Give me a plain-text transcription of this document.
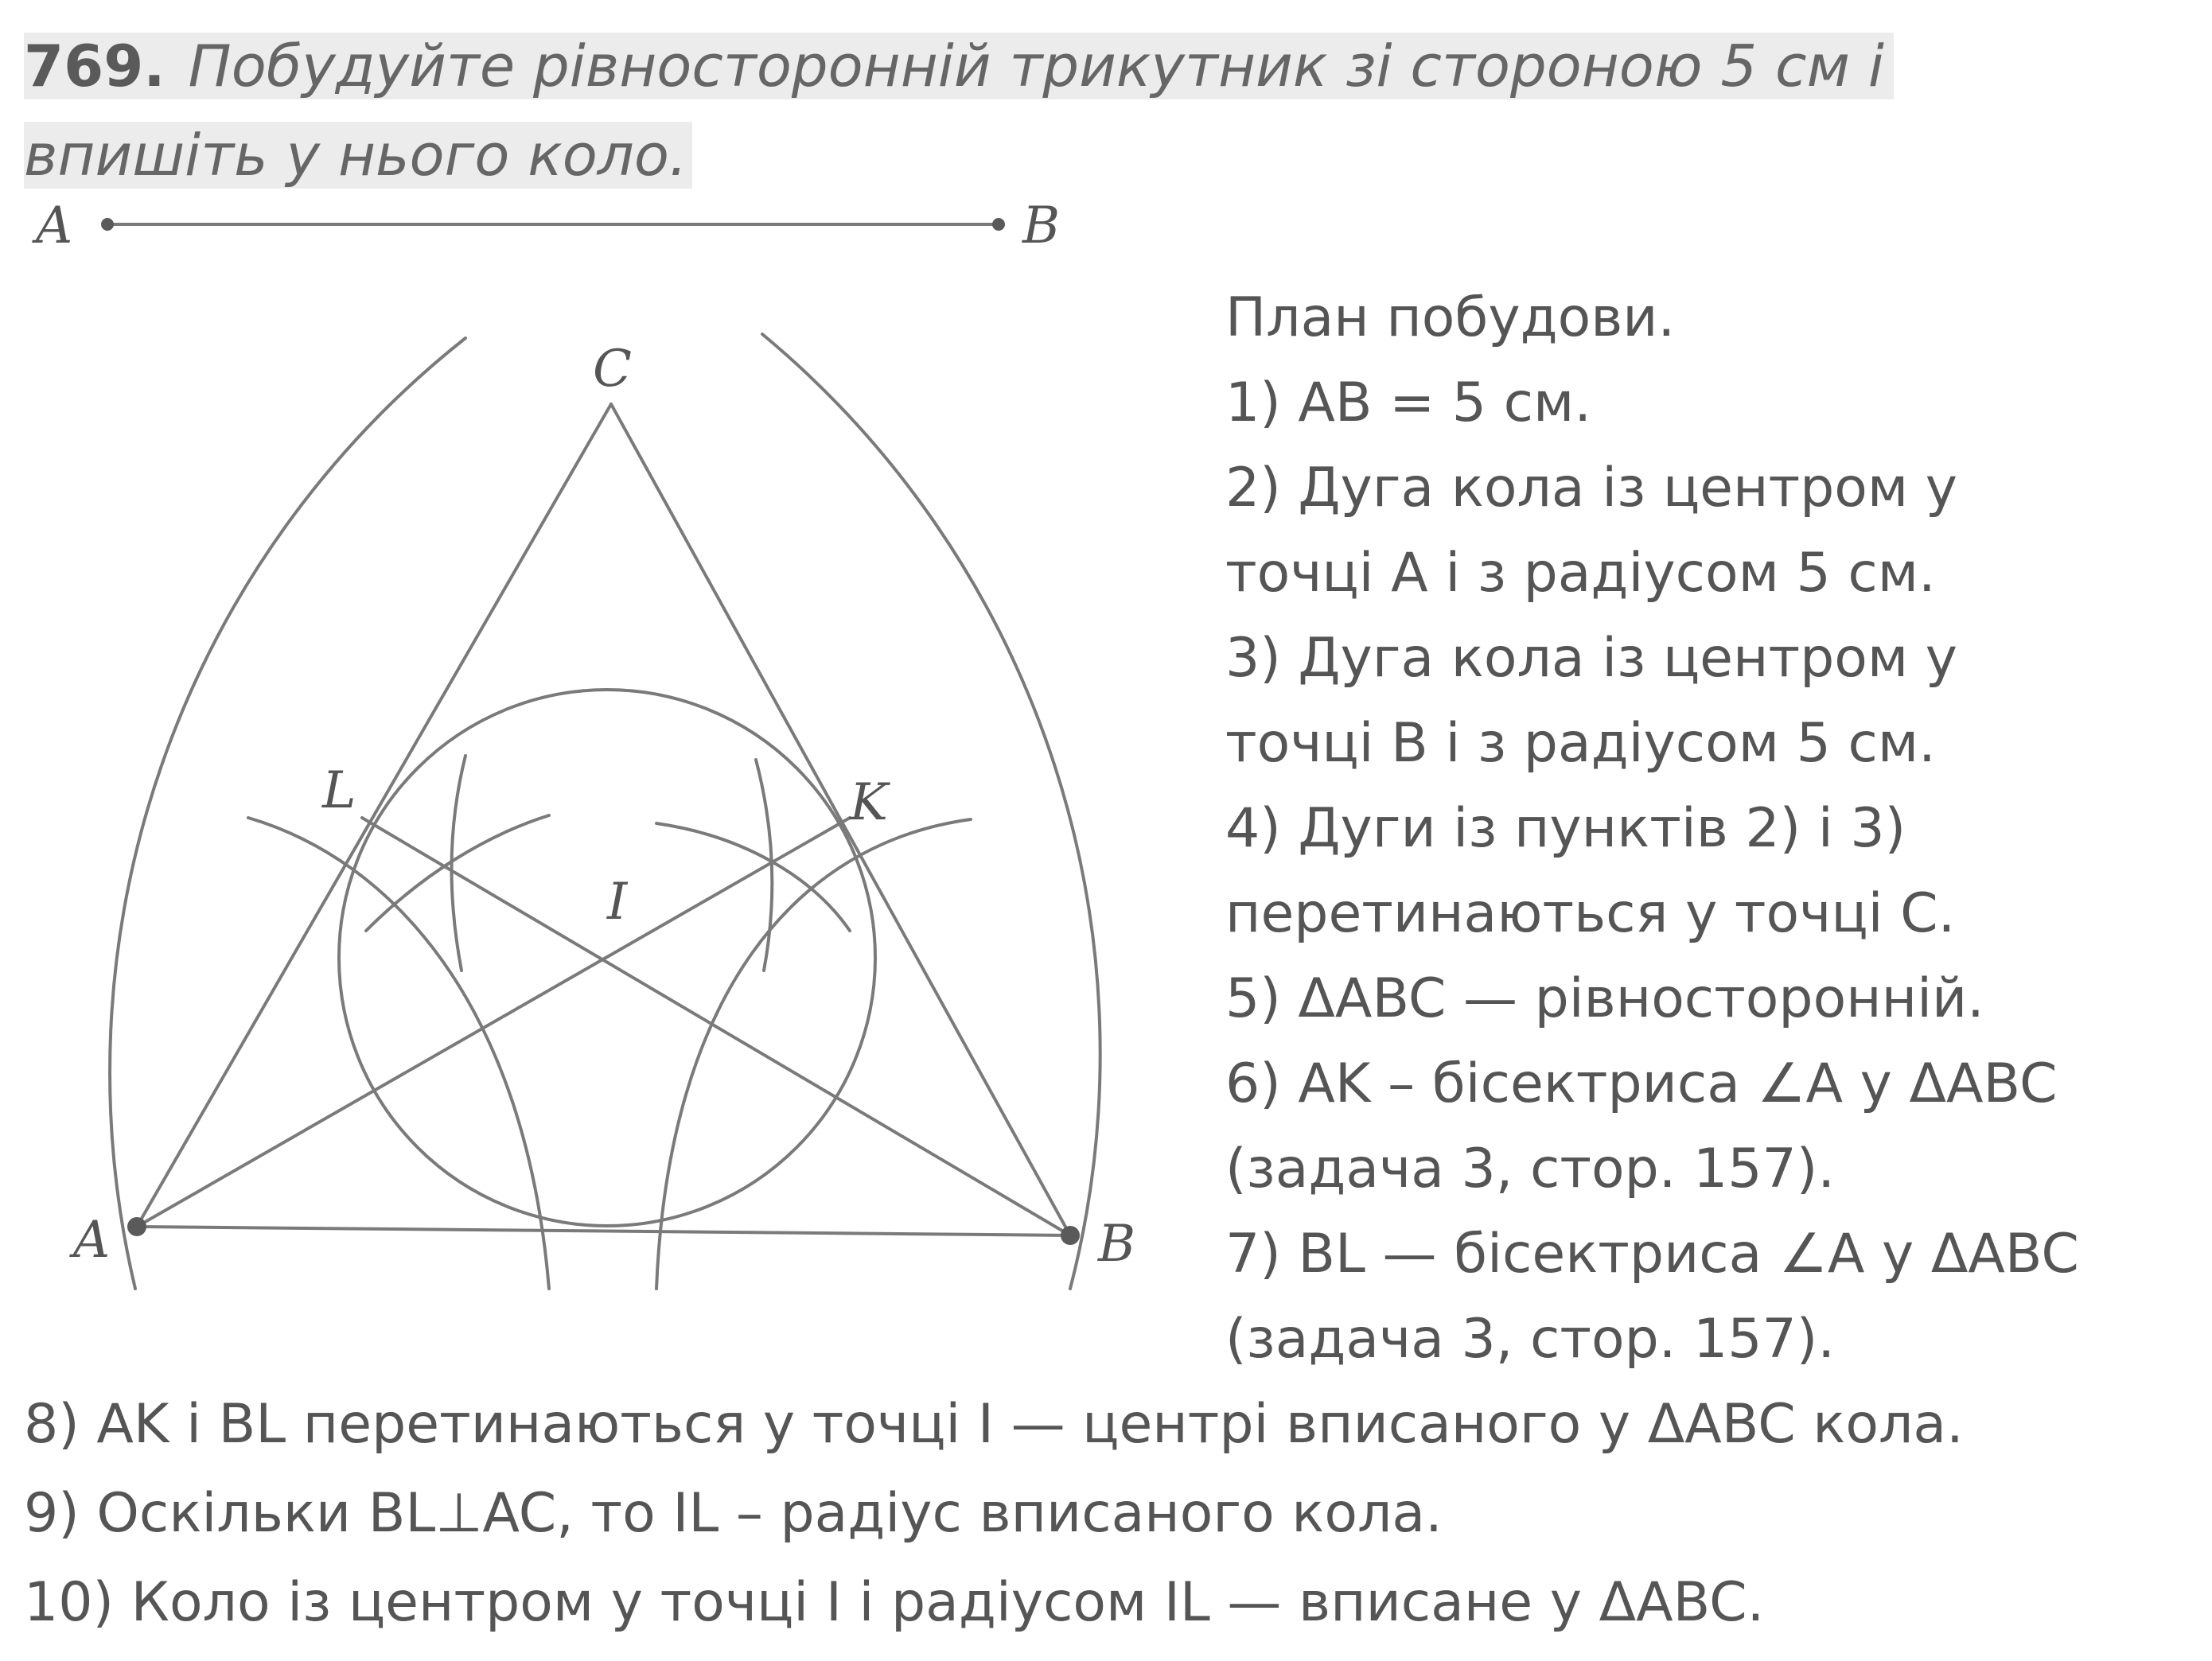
769. Побудуйте рівносторонній трикутник зі стороною 5 см і

впишіть у нього коло.

A	B
C
L	K
I
A	B

План побудови.

1) AB = 5 см.

2) Дуга кола із центром у

точці A і з радіусом 5 см.

3) Дуга кола із центром у

точці B і з радіусом 5 см.

4) Дуги із пунктів 2) і 3)

перетинаються у точці C.

5) ΔABC — рівносторонній.

6) AK – бісектриса ∠A у ΔABC

(задача 3, стор. 157).

7) BL — бісектриса ∠A у ΔABC

(задача 3, стор. 157).

8) AK і BL перетинаються у точці I — центрі вписаного у ΔABC кола.

9) Оскільки BL⊥AC, то IL – радіус вписаного кола.

10) Коло із центром у точці I і радіусом IL — вписане у ΔABC.
